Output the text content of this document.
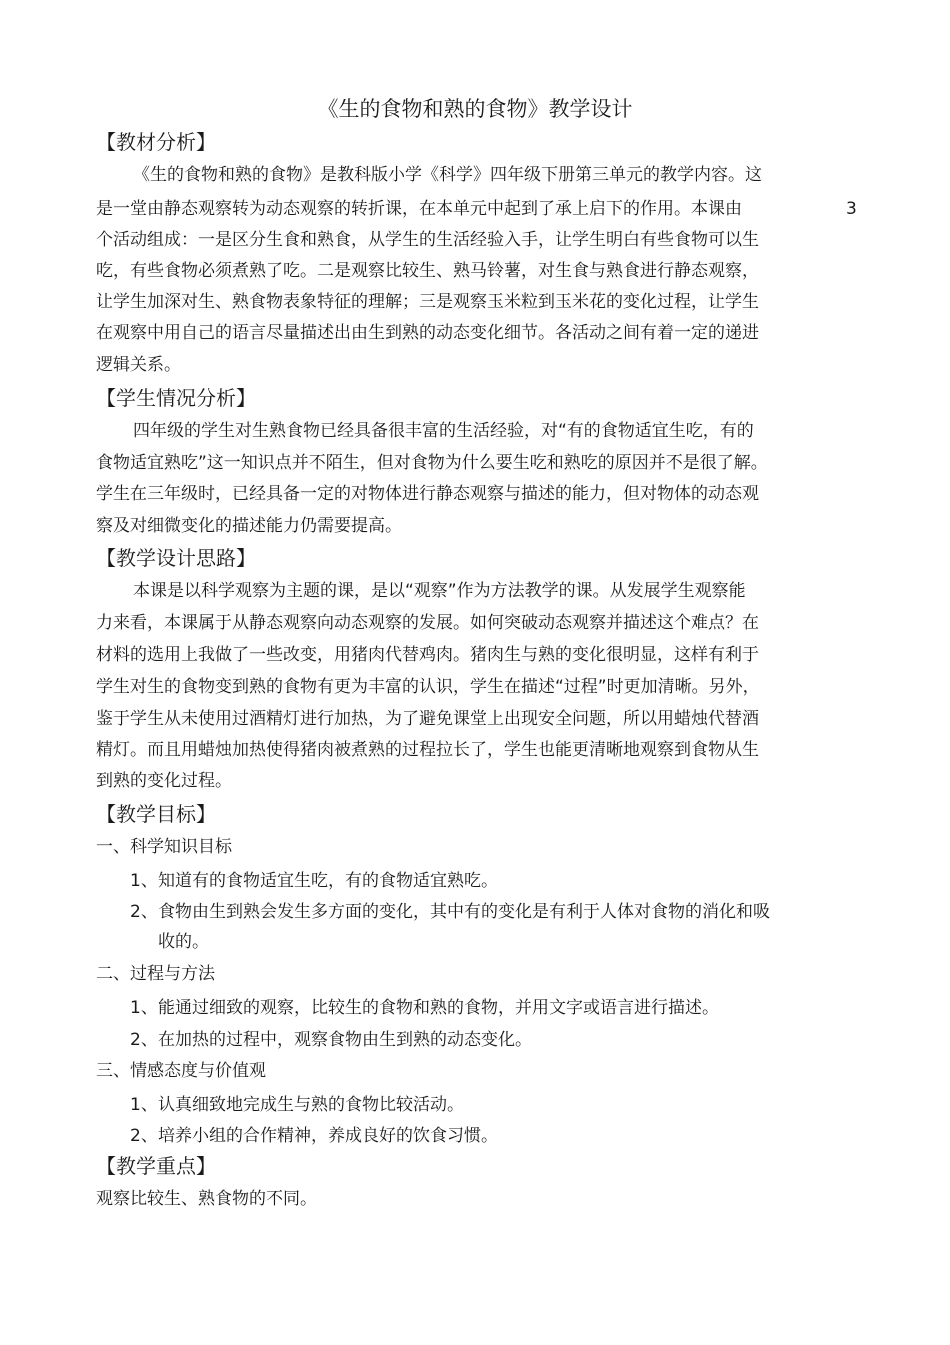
《生的食物和熟的食物》教学设计
【教材分析】
《生的食物和熟的食物》是教科版小学《科学》四年级下册第三单元的教学内容。这
是一堂由静态观察转为动态观察的转折课，在本单元中起到了承上启下的作用。本课由	3
个活动组成：一是区分生食和熟食，从学生的生活经验入手，让学生明白有些食物可以生
吃，有些食物必须煮熟了吃。二是观察比较生、熟马铃薯，对生食与熟食进行静态观察，
让学生加深对生、熟食物表象特征的理解；三是观察玉米粒到玉米花的变化过程，让学生
在观察中用自己的语言尽量描述出由生到熟的动态变化细节。各活动之间有着一定的递进
逻辑关系。
【学生情况分析】
四年级的学生对生熟食物已经具备很丰富的生活经验，对“有的食物适宜生吃，有的
食物适宜熟吃”这一知识点并不陌生，但对食物为什么要生吃和熟吃的原因并不是很了解。
学生在三年级时，已经具备一定的对物体进行静态观察与描述的能力，但对物体的动态观
察及对细微变化的描述能力仍需要提高。
【教学设计思路】
本课是以科学观察为主题的课，是以“观察”作为方法教学的课。从发展学生观察能
力来看，本课属于从静态观察向动态观察的发展。如何突破动态观察并描述这个难点？在
材料的选用上我做了一些改变，用猪肉代替鸡肉。猪肉生与熟的变化很明显，这样有利于
学生对生的食物变到熟的食物有更为丰富的认识，学生在描述“过程”时更加清晰。另外，
鉴于学生从未使用过酒精灯进行加热，为了避免课堂上出现安全问题，所以用蜡烛代替酒
精灯。而且用蜡烛加热使得猪肉被煮熟的过程拉长了，学生也能更清晰地观察到食物从生
到熟的变化过程。
【教学目标】
一、科学知识目标
1、 知道有的食物适宜生吃，有的食物适宜熟吃。
2、 食物由生到熟会发生多方面的变化，其中有的变化是有利于人体对食物的消化和吸
收的。
二、过程与方法
1、 能通过细致的观察，比较生的食物和熟的食物，并用文字或语言进行描述。
2、 在加热的过程中，观察食物由生到熟的动态变化。
三、情感态度与价值观
1、 认真细致地完成生与熟的食物比较活动。
2、 培养小组的合作精神，养成良好的饮食习惯。
【教学重点】
观察比较生、熟食物的不同。
